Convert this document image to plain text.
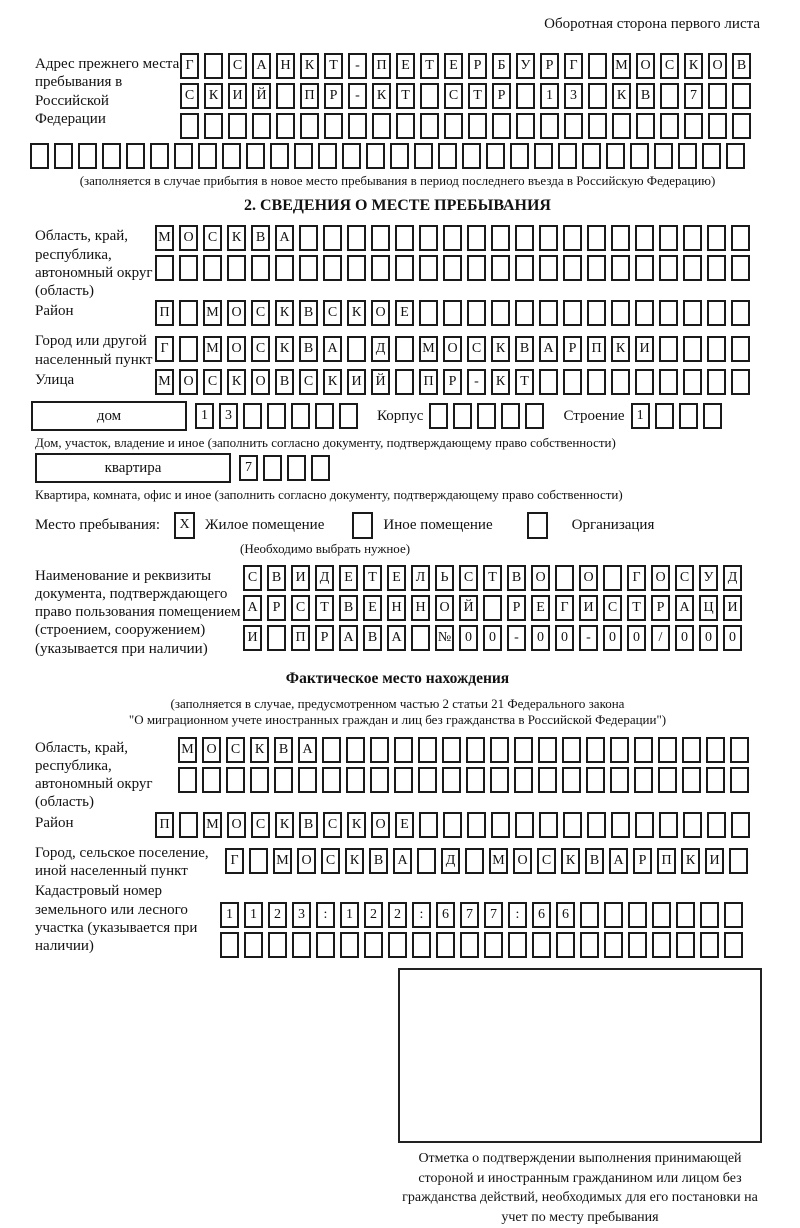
Оборотная сторона первого листа
Адрес прежнего места пребывания в Российской Федерации
Г	С	А Н	К	Т	-	П	Е	Т	Е	Р	Б	У	Р	Г	М О	С	К	О	В
С	К	И Й	П	Р	-	К	Т	С	Т	Р	1	3	К	В	7
(заполняется в случае прибытия в новое место пребывания в период последнего въезда в Российскую Федерацию)
2. СВЕДЕНИЯ О МЕСТЕ ПРЕБЫВАНИЯ
Область, край, республика, автономный округ (область)
М О	С	К	В	А
Район	П	М О	С	К	В	С	К	О	Е
Город или другой населенный пункт
Г	М О	С	К	В	А	Д	М О	С	К	В	А	Р	П	К	И
Улица	М О	С	К	О	В	С	К	И Й	П	Р	-	К	Т
дом	1	3	Корпус	Строение 1
Дом, участок, владение и иное (заполнить согласно документу, подтверждающему право собственности)
квартира	7
Квартира, комната, офис и иное (заполнить согласно документу, подтверждающему право собственности)
Место пребывания:	X	Жилое помещение	Иное помещение	Организация
(Необходимо выбрать нужное)
Наименование и реквизиты документа, подтверждающего право пользования помещением (строением, сооружением) (указывается при наличии)
С	В	И	Д	Е	Т	Е	Л	Ь	С	Т	В	О	О	Г	О	С	У	Д
А	Р	С	Т	В	Е	Н Н О Й	Р	Е	Г	И	С	Т	Р	А Ц И
И	П	Р	А	В	А	№ 0	0	-	0	0	-	0	0	/	0	0	0
Фактическое место нахождения
(заполняется в случае, предусмотренном частью 2 статьи 21 Федерального закона
"О миграционном учете иностранных граждан и лиц без гражданства в Российской Федерации")
Область, край, республика, автономный округ (область)
М О	С	К	В	А
Район	П	М О	С	К	В	С	К	О	Е
Город, сельское поселение, иной населенный пункт
Г	М О	С	К	В	А	Д	М О	С	К	В	А	Р	П	К	И
Кадастровый номер земельного или лесного участка (указывается при наличии)
1	1	2	3	:	1	2	2	:	6	7	7	:	6	6
Отметка о подтверждении выполнения принимающей стороной и иностранным гражданином или лицом без гражданства действий, необходимых для его постановки на учет по месту пребывания
